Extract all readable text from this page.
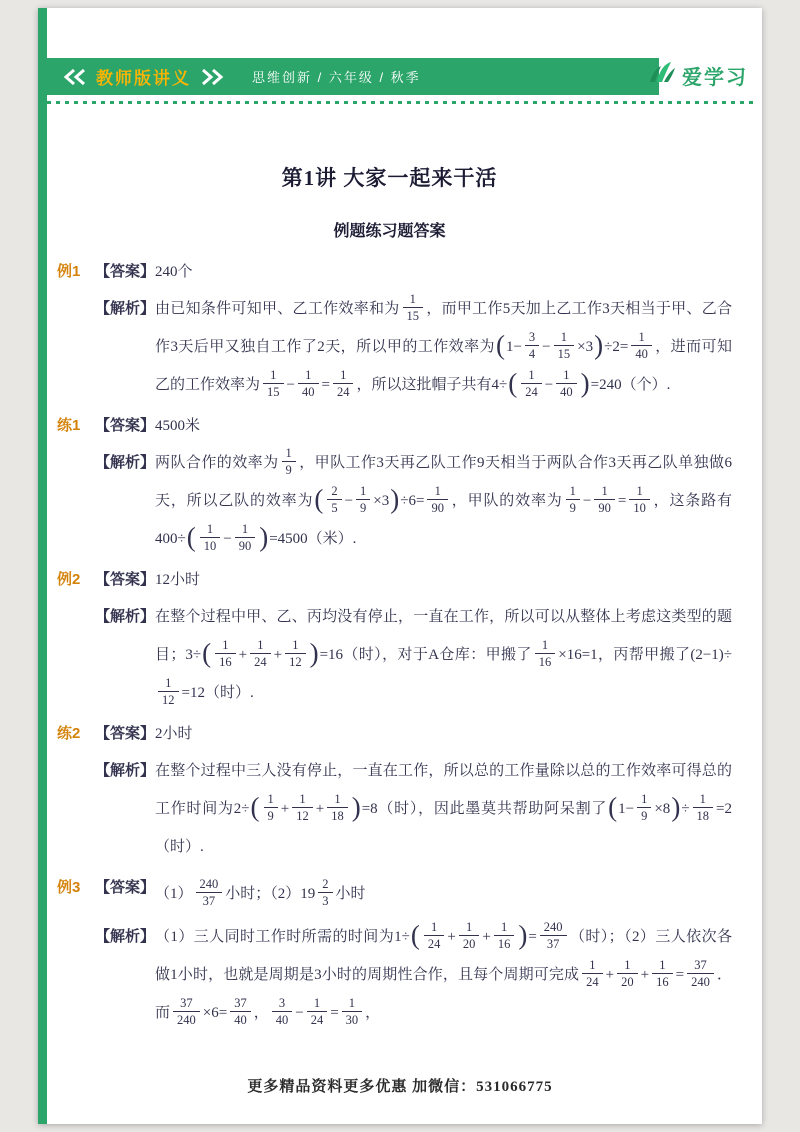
教师版讲义	思维创新 / 六年级 / 秋季	爱学习
第1讲 大家一起来干活
例题练习题答案
例1 【答案】 240个
【解析】 由已知条件可知甲、乙工作效率和为 $\frac{1}{15}$ ，而甲工作5天加上乙工作3天相当于甲、乙合作3天后甲又独自工作了2天，所以甲的工作效率为$(1- \frac{3}{4} - \frac{1}{15} \times 3)\div 2= \frac{1}{40}$ ，进而可知乙的工作效率为 $\frac{1}{15} - \frac{1}{40} = \frac{1}{24}$ ，所以这批帽子共有$4\div( \frac{1}{24} - \frac{1}{40} )=240$（个）.
练1 【答案】 4500米
【解析】 两队合作的效率为 $\frac{1}{9}$ ，甲队工作3天再乙队工作9天相当于两队合作3天再乙队单独做6天，所以乙队的效率为( $\frac{2}{5} - \frac{1}{9} \times 3)\div 6= \frac{1}{90}$ ，甲队的效率为 $\frac{1}{9} - \frac{1}{90} = \frac{1}{10}$ ，这条路有$400\div( \frac{1}{10} - \frac{1}{90} )=4500$（米）.
例2 【答案】 12小时
【解析】 在整个过程中甲、乙、丙均没有停止，一直在工作，所以可以从整体上考虑这类型的题目；$3\div( \frac{1}{16} + \frac{1}{24} + \frac{1}{12} )=16$（时），对于A仓库：甲搬了 $\frac{1}{16} \times 16=1$，丙帮甲搬了(2−1)÷
$\frac{1}{12} =12$（时）.
练2 【答案】 2小时
【解析】 在整个过程中三人没有停止，一直在工作，所以总的工作量除以总的工作效率可得总的工作时间为$2\div( \frac{1}{9} + \frac{1}{12} + \frac{1}{18} )=8$（时），因此墨莫共帮助阿呆割了$(1- \frac{1}{9} \times 8)\div \frac{1}{18} =2$（时）.
例3 【答案】 $(1) \frac{240}{37}$ 小时；$(2)19 \frac{2}{3}$ 小时
【解析】 （1）三人同时工作时所需的时间为$1\div( \frac{1}{24} + \frac{1}{20} + \frac{1}{16}$ )= $\frac{240}{37}$ （时）；（2）三人依次各做1小时，也就是周期是3小时的周期性合作，且每个周期可完成 $\frac{1}{24} + \frac{1}{20} + \frac{1}{16} = \frac{37}{240}$ ． 而 $\frac{37}{240} \times 6= \frac{37}{40}$ ， $\frac{3}{40} - \frac{1}{24} = \frac{1}{30}$ ，
更多精品资料更多优惠 加微信：531066775
